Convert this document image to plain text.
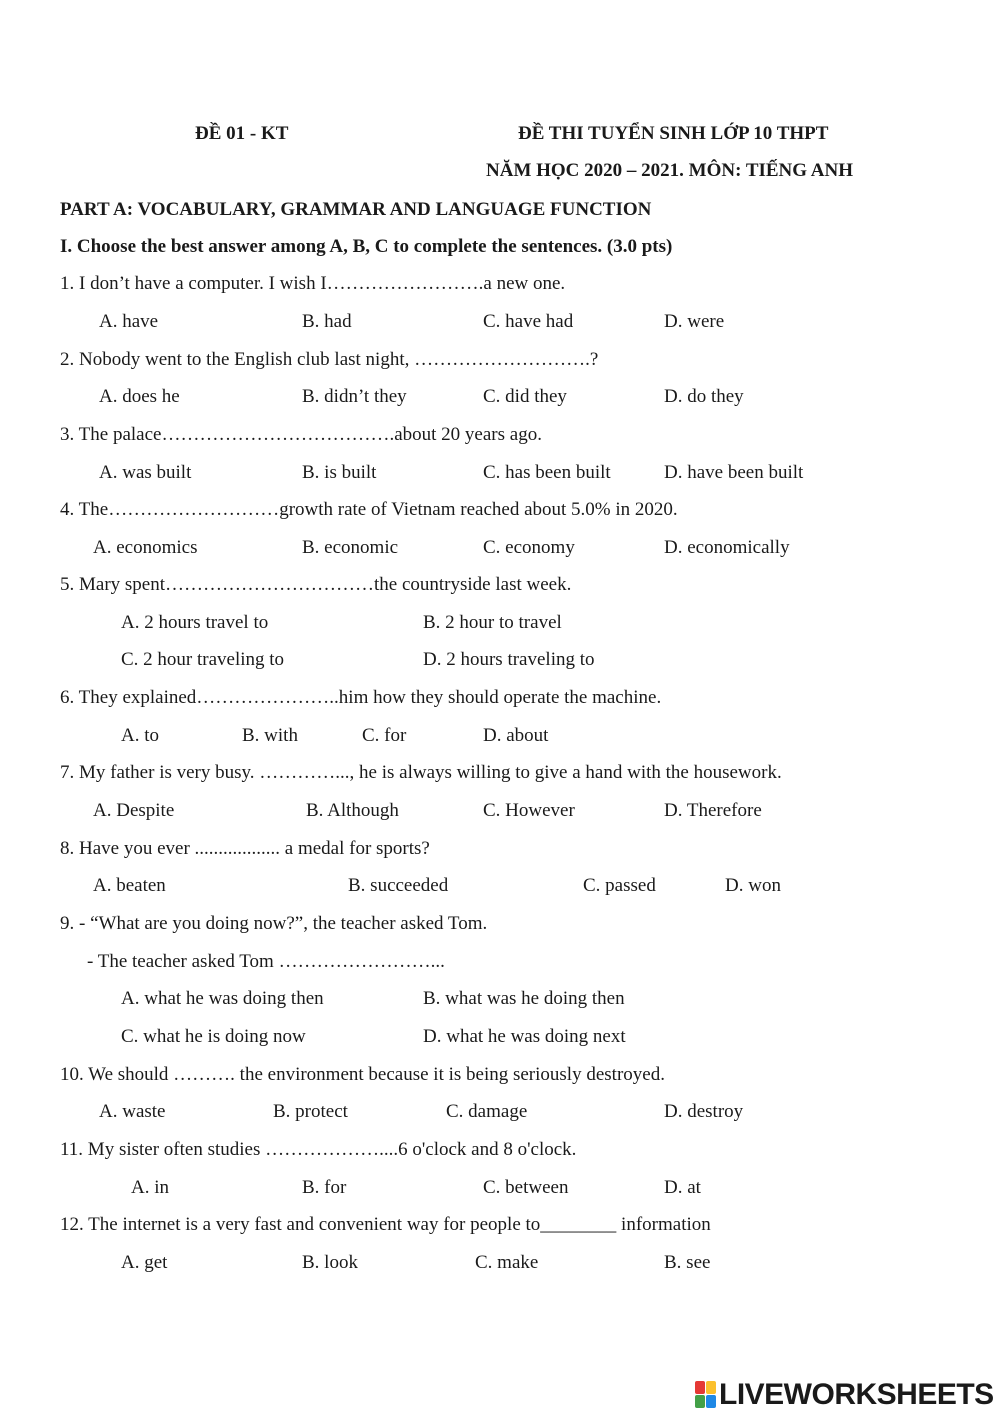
ĐỀ 01 - KT	ĐỀ THI TUYỂN SINH LỚP 10 THPT
NĂM HỌC 2020 – 2021. MÔN: TIẾNG ANH
PART A: VOCABULARY, GRAMMAR AND LANGUAGE FUNCTION
I. Choose the best answer among A, B, C to complete the sentences. (3.0 pts)
1. I don’t have a computer. I wish I…………………….a new one.
A. have	B. had	C. have had	D. were
2. Nobody went to the English club last night, ……………………….?
A. does he	B. didn’t they	C. did they	D. do they
3. The palace……………………………….about 20 years ago.
A. was built	B. is built	C. has been built	D. have been built
4. The………………………growth rate of Vietnam reached about 5.0% in 2020.
A. economics	B. economic	C. economy	D. economically
5. Mary spent……………………………the countryside last week.
A. 2 hours travel to	B. 2 hour to travel
C. 2 hour traveling to	D. 2 hours traveling to
6. They explained…………………..him how they should operate the machine.
A. to	B. with	C. for	D. about
7. My father is very busy. …………..., he is always willing to give a hand with the housework.
A. Despite	B. Although	C. However	D. Therefore
8. Have you ever .................. a medal for sports?
A. beaten	B. succeeded	C. passed	D. won
9. - “What are you doing now?”, the teacher asked Tom.
- The teacher asked Tom ……………………...
A. what he was doing then	B. what was he doing then
C. what he is doing now	D. what he was doing next
10. We should ………. the environment because it is being seriously destroyed.
A. waste	B. protect	C. damage	D. destroy
11. My sister often studies ………………....6 o'clock and 8 o'clock.
A. in	B. for	C. between	D. at
12. The internet is a very fast and convenient way for people to________ information
A. get	B. look	C. make	B. see
LIVEWORKSHEETS
